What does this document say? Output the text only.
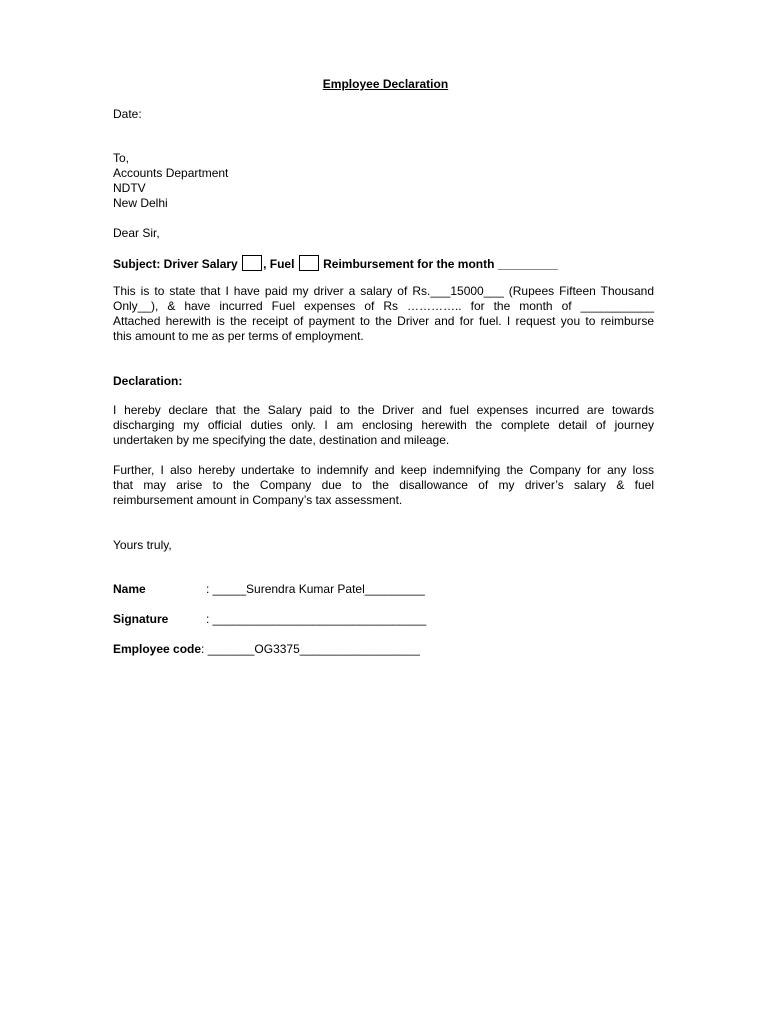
Employee Declaration
Date:
To,
Accounts Department
NDTV
New Delhi
Dear Sir,
Subject: Driver Salary , Fuel Reimbursement for the month _________
This is to state that I have paid my driver a salary of Rs.___15000___ (Rupees Fifteen Thousand
Only__), & have incurred Fuel expenses of Rs ………….. for the month of ___________
Attached herewith is the receipt of payment to the Driver and for fuel. I request you to reimburse
this amount to me as per terms of employment.
Declaration:
I hereby declare that the Salary paid to the Driver and fuel expenses incurred are towards
discharging my official duties only. I am enclosing herewith the complete detail of journey
undertaken by me specifying the date, destination and mileage.
Further, I also hereby undertake to indemnify and keep indemnifying the Company for any loss
that may arise to the Company due to the disallowance of my driver’s salary & fuel
reimbursement amount in Company’s tax assessment.
Yours truly,
Name	: _____Surendra Kumar Patel_________
Signature	: ________________________________
Employee code: _______OG3375__________________
